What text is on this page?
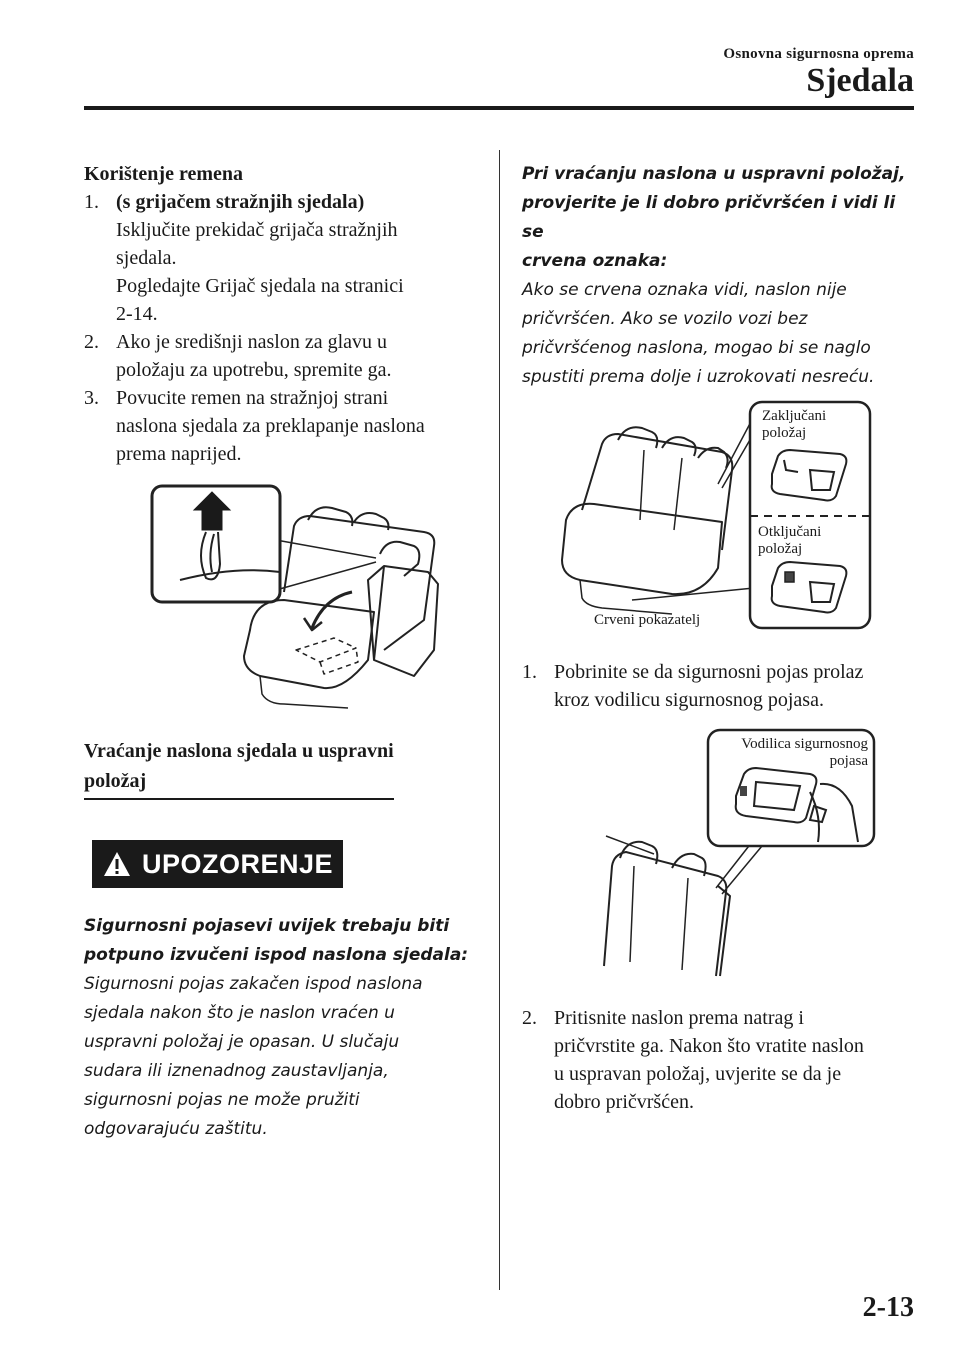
Osnovna sigurnosna oprema
Sjedala
Korištenje remena
1. (s grijačem stražnjih sjedala)
Isključite prekidač grijača stražnjih
sjedala.
Pogledajte Grijač sjedala na stranici
2-14.
2. Ako je središnji naslon za glavu u
položaju za upotrebu, spremite ga.
3. Povucite remen na stražnjoj strani
naslona sjedala za preklapanje naslona
prema naprijed.
Vraćanje naslona sjedala u uspravni
položaj
UPOZORENJE
Sigurnosni pojasevi uvijek trebaju biti
potpuno izvučeni ispod naslona sjedala:
Sigurnosni pojas zakačen ispod naslona
sjedala nakon što je naslon vraćen u
uspravni položaj je opasan. U slučaju
sudara ili iznenadnog zaustavljanja,
sigurnosni pojas ne može pružiti
odgovarajuću zaštitu.
Pri vraćanju naslona u uspravni položaj,
provjerite je li dobro pričvršćen i vidi li se
crvena oznaka:
Ako se crvena oznaka vidi, naslon nije
pričvršćen. Ako se vozilo vozi bez
pričvršćenog naslona, mogao bi se naglo
spustiti prema dolje i uzrokovati nesreću.
Zaključani
položaj
Otključani
položaj
Crveni pokazatelj
1. Pobrinite se da sigurnosni pojas prolaz
kroz vodilicu sigurnosnog pojasa.
Vodilica sigurnosnog
pojasa
2. Pritisnite naslon prema natrag i
pričvrstite ga. Nakon što vratite naslon
u uspravan položaj, uvjerite se da je
dobro pričvršćen.
2-13
